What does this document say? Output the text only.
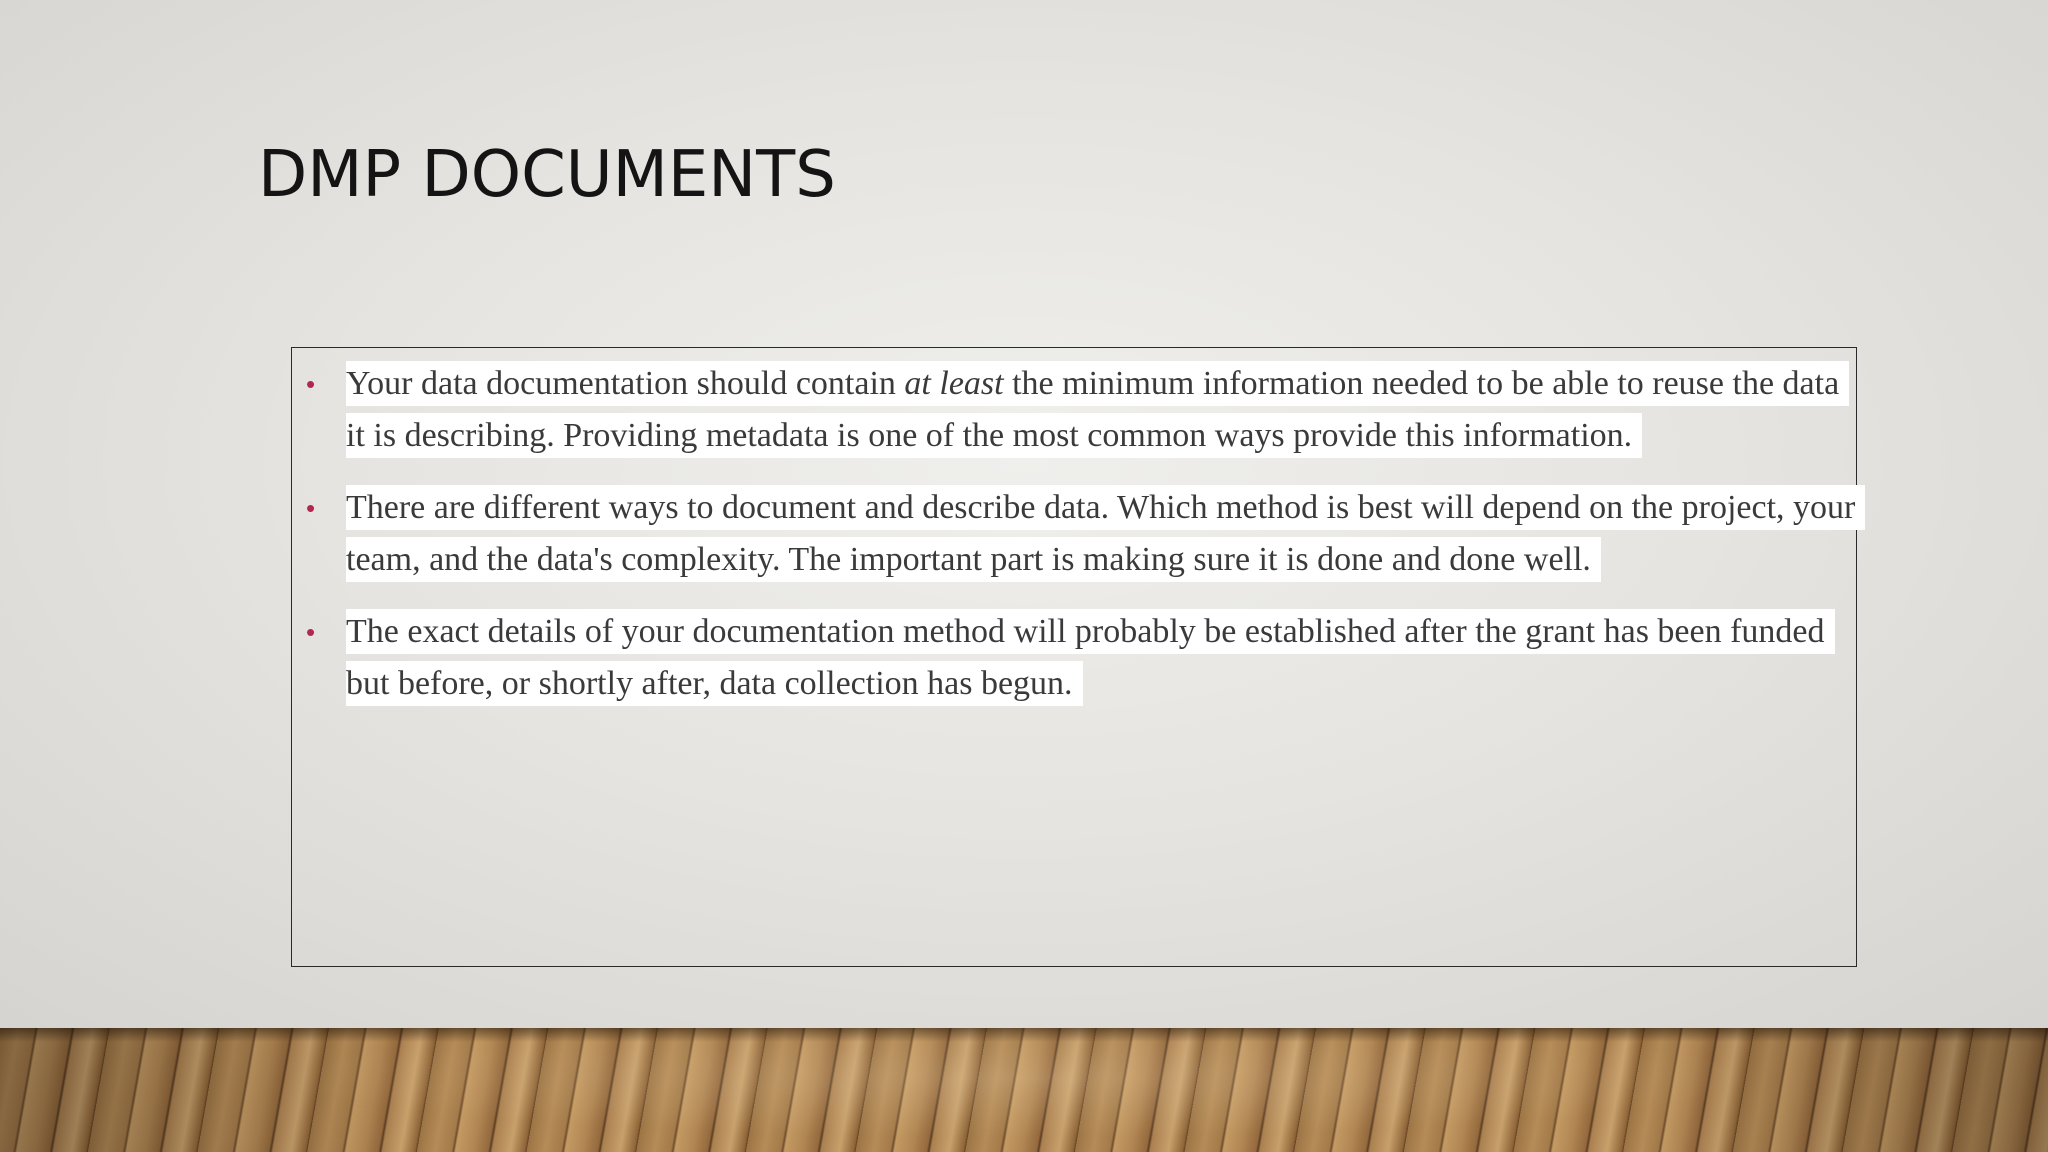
DMP DOCUMENTS
• Your data documentation should contain at least the minimum information needed to be able to reuse the data it is describing. Providing metadata is one of the most common ways provide this information.
• There are different ways to document and describe data. Which method is best will depend on the project, your team, and the data's complexity. The important part is making sure it is done and done well.
• The exact details of your documentation method will probably be established after the grant has been funded but before, or shortly after, data collection has begun.
